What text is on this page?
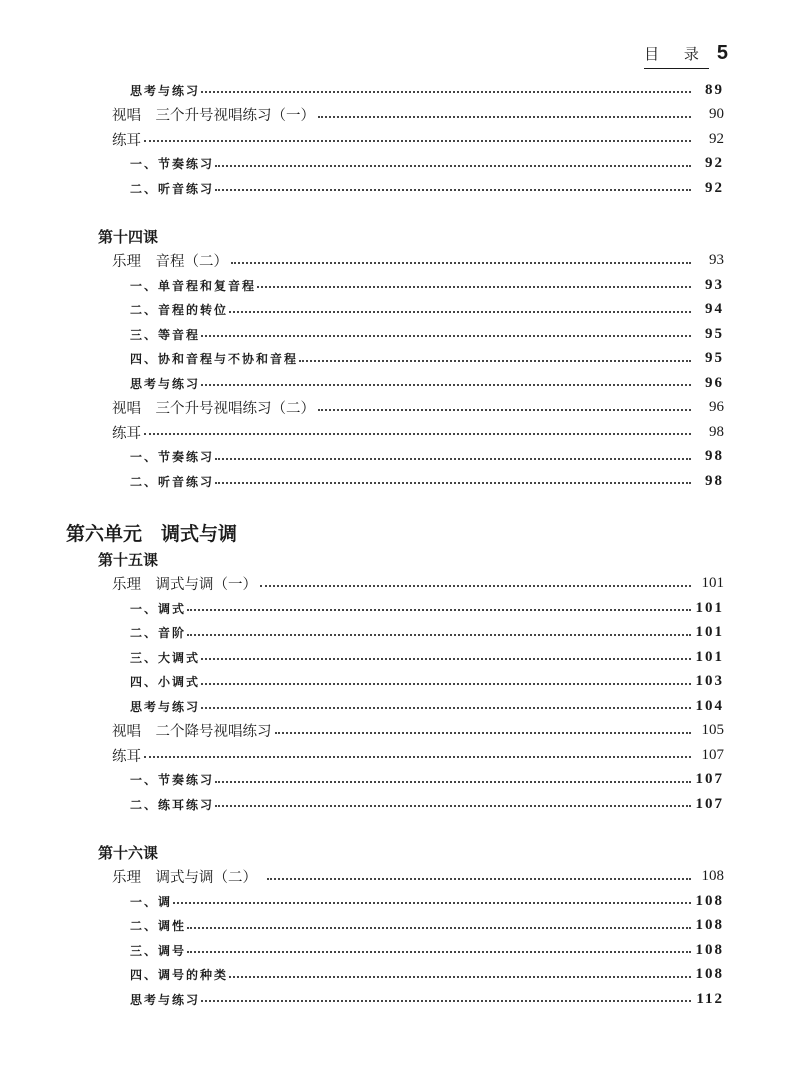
目 录 5
思考与练习	89
视唱　三个升号视唱练习（一）	90
练耳	92
一、节奏练习	92
二、听音练习	92
第十四课
乐理　音程（二）	93
一、单音程和复音程	93
二、音程的转位	94
三、等音程	95
四、协和音程与不协和音程	95
思考与练习	96
视唱　三个升号视唱练习（二）	96
练耳	98
一、节奏练习	98
二、听音练习	98
第六单元　调式与调
第十五课
乐理　调式与调（一）	101
一、调式	101
二、音阶	101
三、大调式	101
四、小调式	103
思考与练习	104
视唱　二个降号视唱练习	105
练耳	107
一、节奏练习	107
二、练耳练习	107
第十六课
乐理　调式与调（二）　	108
一、调	108
二、调性	108
三、调号	108
四、调号的种类	108
思考与练习	112
